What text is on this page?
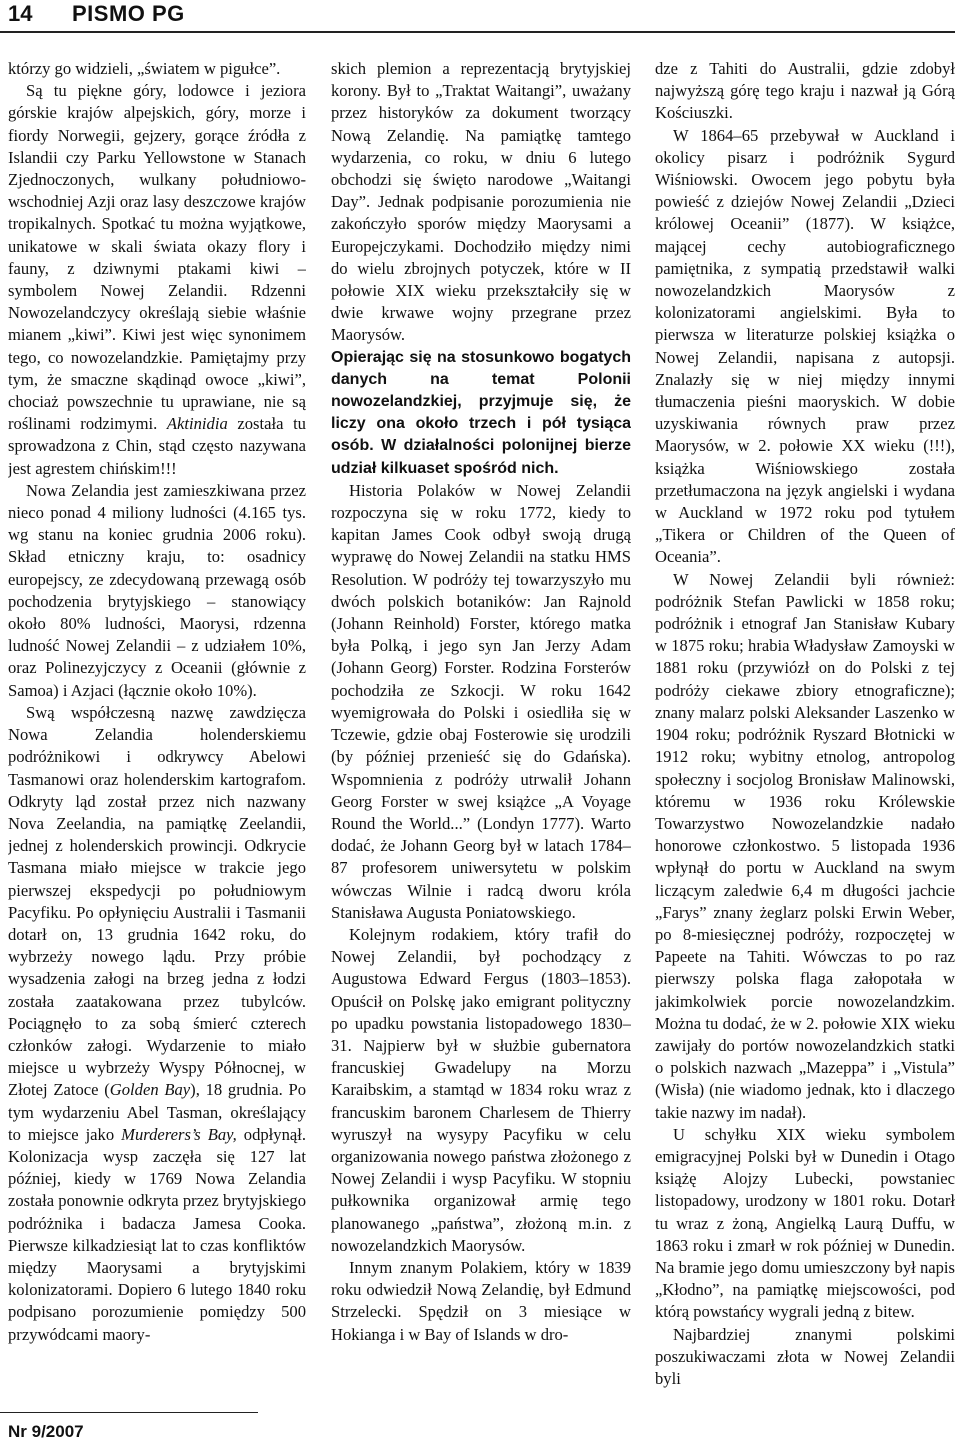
14 PISMO PG

którzy go widzieli, „światem w pigułce”.

Są tu piękne góry, lodowce i jeziora górskie krajów alpejskich, góry, morze i fiordy Norwegii, gejzery, gorące źródła z Islandii czy Parku Yellowstone w Stanach Zjednoczonych, wulkany południowo-wschodniej Azji oraz lasy deszczowe krajów tropikalnych. Spotkać tu można wyjątkowe, unikatowe w skali świata okazy flory i fauny, z dziwnymi ptakami kiwi – symbolem Nowej Zelandii. Rdzenni Nowozelandczycy określają siebie właśnie mianem „kiwi”. Kiwi jest więc synonimem tego, co nowozelandzkie. Pamiętajmy przy tym, że smaczne skądinąd owoce „kiwi”, chociaż powszechnie tu uprawiane, nie są roślinami rodzimymi. Aktinidia została tu sprowadzona z Chin, stąd często nazywana jest agrestem chińskim!!!

Nowa Zelandia jest zamieszkiwana przez nieco ponad 4 miliony ludności (4.165 tys. wg stanu na koniec grudnia 2006 roku). Skład etniczny kraju, to: osadnicy europejscy, ze zdecydowaną przewagą osób pochodzenia brytyjskiego – stanowiący około 80% ludności, Maorysi, rdzenna ludność Nowej Zelandii – z udziałem 10%, oraz Polinezyjczycy z Oceanii (głównie z Samoa) i Azjaci (łącznie około 10%).

Swą współczesną nazwę zawdzięcza Nowa Zelandia holenderskiemu podróżnikowi i odkrywcy Abelowi Tasmanowi oraz holenderskim kartografom. Odkryty ląd został przez nich nazwany Nova Zeelandia, na pamiątkę Zeelandii, jednej z holenderskich prowincji. Odkrycie Tasmana miało miejsce w trakcie jego pierwszej ekspedycji po południowym Pacyfiku. Po opłynięciu Australii i Tasmanii dotarł on, 13 grudnia 1642 roku, do wybrzeży nowego lądu. Przy próbie wysadzenia załogi na brzeg jedna z łodzi została zaatakowana przez tubylców. Pociągnęło to za sobą śmierć czterech członków załogi. Wydarzenie to miało miejsce u wybrzeży Wyspy Północnej, w Złotej Zatoce (Golden Bay), 18 grudnia. Po tym wydarzeniu Abel Tasman, określający to miejsce jako Murderers’s Bay, odpłynął. Kolonizacja wysp zaczęła się 127 lat później, kiedy w 1769 Nowa Zelandia została ponownie odkryta przez brytyjskiego podróżnika i badacza Jamesa Cooka. Pierwsze kilkadziesiąt lat to czas konfliktów między Maorysami a brytyjskimi kolonizatorami. Dopiero 6 lutego 1840 roku podpisano porozumienie pomiędzy 500 przywódcami maory-

skich plemion a reprezentacją brytyjskiej korony. Był to „Traktat Waitangi”, uważany przez historyków za dokument tworzący Nową Zelandię. Na pamiątkę tamtego wydarzenia, co roku, w dniu 6 lutego obchodzi się święto narodowe „Waitangi Day”. Jednak podpisanie porozumienia nie zakończyło sporów między Maorysami a Europejczykami. Dochodziło między nimi do wielu zbrojnych potyczek, które w II połowie XIX wieku przekształciły się w dwie krwawe wojny przegrane przez Maorysów.

Opierając się na stosunkowo bogatych danych na temat Polonii nowozelandzkiej, przyjmuje się, że liczy ona około trzech i pół tysiąca osób. W działalności polonijnej bierze udział kilkuaset spośród nich.

Historia Polaków w Nowej Zelandii rozpoczyna się w roku 1772, kiedy to kapitan James Cook odbył swoją drugą wyprawę do Nowej Zelandii na statku HMS Resolution. W podróży tej towarzyszyło mu dwóch polskich botaników: Jan Rajnold (Johann Reinhold) Forster, którego matka była Polką, i jego syn Jan Jerzy Adam (Johann Georg) Forster. Rodzina Forsterów pochodziła ze Szkocji. W roku 1642 wyemigrowała do Polski i osiedliła się w Tczewie, gdzie obaj Fosterowie się urodzili (by później przenieść się do Gdańska). Wspomnienia z podróży utrwalił Johann Georg Forster w swej książce „A Voyage Round the World...” (Londyn 1777). Warto dodać, że Johann Georg był w latach 1784–87 profesorem uniwersytetu w polskim wówczas Wilnie i radcą dworu króla Stanisława Augusta Poniatowskiego.

Kolejnym rodakiem, który trafił do Nowej Zelandii, był pochodzący z Augustowa Edward Fergus (1803–1853). Opuścił on Polskę jako emigrant polityczny po upadku powstania listopadowego 1830–31. Najpierw był w służbie gubernatora francuskiej Gwadelupy na Morzu Karaibskim, a stamtąd w 1834 roku wraz z francuskim baronem Charlesem de Thierry wyruszył na wysypy Pacyfiku w celu organizowania nowego państwa złożonego z Nowej Zelandii i wysp Pacyfiku. W stopniu pułkownika organizował armię tego planowanego „państwa”, złożoną m.in. z nowozelandzkich Maorysów.

Innym znanym Polakiem, który w 1839 roku odwiedził Nową Zelandię, był Edmund Strzelecki. Spędził on 3 miesiące w Hokianga i w Bay of Islands w dro-

dze z Tahiti do Australii, gdzie zdobył najwyższą górę tego kraju i nazwał ją Górą Kościuszki.

W 1864–65 przebywał w Auckland i okolicy pisarz i podróżnik Sygurd Wiśniowski. Owocem jego pobytu była powieść z dziejów Nowej Zelandii „Dzieci królowej Oceanii” (1877). W książce, mającej cechy autobiograficznego pamiętnika, z sympatią przedstawił walki nowozelandzkich Maorysów z kolonizatorami angielskimi. Była to pierwsza w literaturze polskiej książka o Nowej Zelandii, napisana z autopsji. Znalazły się w niej między innymi tłumaczenia pieśni maoryskich. W dobie uzyskiwania równych praw przez Maorysów, w 2. połowie XX wieku (!!!), książka Wiśniowskiego została przetłumaczona na język angielski i wydana w Auckland w 1972 roku pod tytułem „Tikera or Children of the Queen of Oceania”.

W Nowej Zelandii byli również: podróżnik Stefan Pawlicki w 1858 roku; podróżnik i etnograf Jan Stanisław Kubary w 1875 roku; hrabia Władysław Zamoyski w 1881 roku (przywiózł on do Polski z tej podróży ciekawe zbiory etnograficzne); znany malarz polski Aleksander Laszenko w 1904 roku; podróżnik Ryszard Błotnicki w 1912 roku; wybitny etnolog, antropolog społeczny i socjolog Bronisław Malinowski, któremu w 1936 roku Królewskie Towarzystwo Nowozelandzkie nadało honorowe członkostwo. 5 listopada 1936 wpłynął do portu w Auckland na swym liczącym zaledwie 6,4 m długości jachcie „Farys” znany żeglarz polski Erwin Weber, po 8-miesięcznej podróży, rozpoczętej w Papeete na Tahiti. Wówczas to po raz pierwszy polska flaga załopotała w jakimkolwiek porcie nowozelandzkim. Można tu dodać, że w 2. połowie XIX wieku zawijały do portów nowozelandzkich statki o polskich nazwach „Mazeppa” i „Vistula” (Wisła) (nie wiadomo jednak, kto i dlaczego takie nazwy im nadał).

U schyłku XIX wieku symbolem emigracyjnej Polski był w Dunedin i Otago książę Alojzy Lubecki, powstaniec listopadowy, urodzony w 1801 roku. Dotarł tu wraz z żoną, Angielką Laurą Duffu, w 1863 roku i zmarł w rok później w Dunedin. Na bramie jego domu umieszczony był napis „Kłodno”, na pamiątkę miejscowości, pod którą powstańcy wygrali jedną z bitew.

Najbardziej znanymi polskimi poszukiwaczami złota w Nowej Zelandii byli

Nr 9/2007
